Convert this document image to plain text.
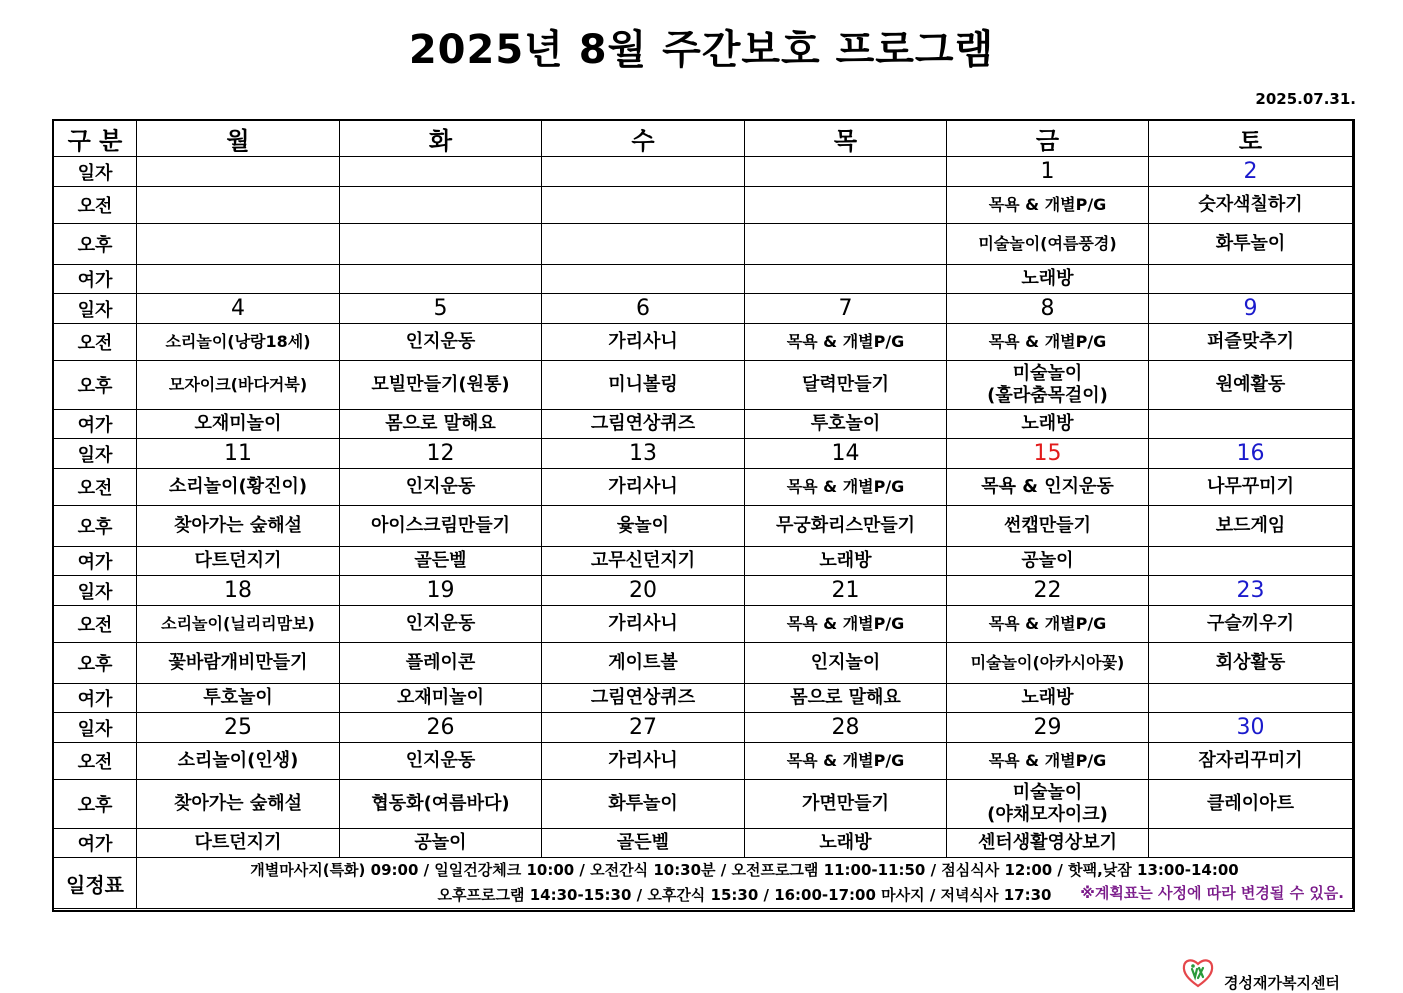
2025년 8월 주간보호 프로그램
2025.07.31.
구 분	월	화	수	목	금	토
일자					1	2
오전					목욕 & 개별P/G	숫자색칠하기
오후					미술놀이(여름풍경)	화투놀이
여가					노래방	
일자	4	5	6	7	8	9
오전	소리놀이(낭랑18세)	인지운동	가리사니	목욕 & 개별P/G	목욕 & 개별P/G	퍼즐맞추기
오후	모자이크(바다거북)	모빌만들기(원통)	미니볼링	달력만들기	미술놀이
(훌라춤목걸이)	원예활동
여가	오재미놀이	몸으로 말해요	그림연상퀴즈	투호놀이	노래방	
일자	11	12	13	14	15	16
오전	소리놀이(황진이)	인지운동	가리사니	목욕 & 개별P/G	목욕 & 인지운동	나무꾸미기
오후	찾아가는 숲해설	아이스크림만들기	윷놀이	무궁화리스만들기	썬캡만들기	보드게임
여가	다트던지기	골든벨	고무신던지기	노래방	공놀이	
일자	18	19	20	21	22	23
오전	소리놀이(닐리리맘보)	인지운동	가리사니	목욕 & 개별P/G	목욕 & 개별P/G	구슬끼우기
오후	꽃바람개비만들기	플레이콘	게이트볼	인지놀이	미술놀이(아카시아꽃)	회상활동
여가	투호놀이	오재미놀이	그림연상퀴즈	몸으로 말해요	노래방	
일자	25	26	27	28	29	30
오전	소리놀이(인생)	인지운동	가리사니	목욕 & 개별P/G	목욕 & 개별P/G	잠자리꾸미기
오후	찾아가는 숲해설	협동화(여름바다)	화투놀이	가면만들기	미술놀이
(야채모자이크)	클레이아트
여가	다트던지기	공놀이	골든벨	노래방	센터생활영상보기	
일정표	개별마사지(특화) 09:00 / 일일건강체크 10:00 / 오전간식 10:30분 / 오전프로그램 11:00-11:50 / 점심식사 12:00 / 핫팩,낮잠 13:00-14:00
오후프로그램 14:30-15:30 / 오후간식 15:30 / 16:00-17:00 마사지 / 저녁식사 17:30 ※계획표는 사정에 따라 변경될 수 있음.					
경성재가복지센터
